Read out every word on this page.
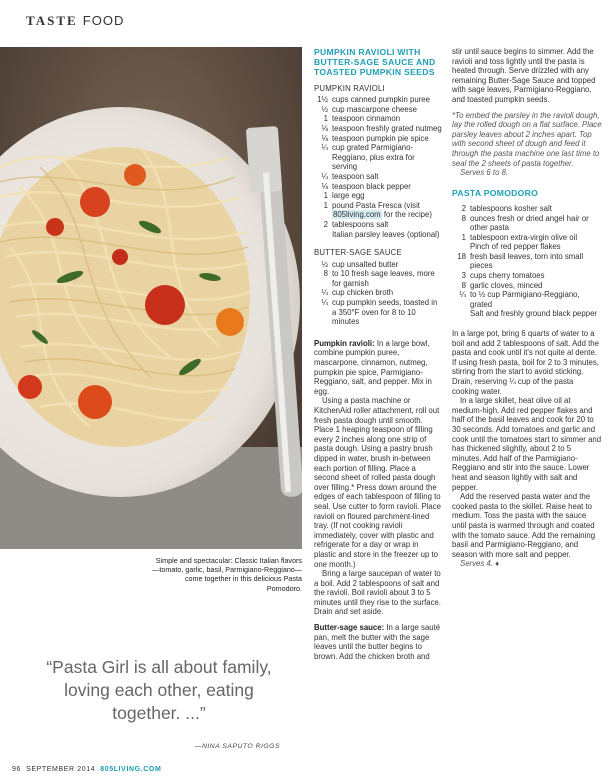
TASTE FOOD
Simple and spectacular: Classic Italian flavors—tomato, garlic, basil, Parmigiano-Reggiano—come together in this delicious Pasta Pomodoro.
“Pasta Girl is all about family, loving each other, eating together. ...”
—NINA SAPUTO RIGGS
96 SEPTEMBER 2014 805LIVING.COM
PUMPKIN RAVIOLI WITH BUTTER-SAGE SAUCE AND TOASTED PUMPKIN SEEDS
PUMPKIN RAVIOLI
1½ cups canned pumpkin puree
½ cup mascarpone cheese
1 teaspoon cinnamon
⅛ teaspoon freshly grated nutmeg
⅛ teaspoon pumpkin pie spice
¼ cup grated Parmigiano-Reggiano, plus extra for serving
¼ teaspoon salt
⅛ teaspoon black pepper
1 large egg
1 pound Pasta Fresca (visit 805living.com for the recipe)
2 tablespoons salt
Italian parsley leaves (optional)
BUTTER-SAGE SAUCE
½ cup unsalted butter
8 to 10 fresh sage leaves, more for garnish
¼ cup chicken broth
¼ cup pumpkin seeds, toasted in a 350°F oven for 8 to 10 minutes

Pumpkin ravioli: In a large bowl, combine pumpkin puree, mascarpone, cinnamon, nutmeg, pumpkin pie spice, Parmigiano-Reggiano, salt, and pepper. Mix in egg.

Using a pasta machine or KitchenAid roller attachment, roll out fresh pasta dough until smooth. Place 1 heaping teaspoon of filling every 2 inches along one strip of pasta dough. Using a pastry brush dipped in water, brush in-between each portion of filling. Place a second sheet of rolled pasta dough over filling.* Press down around the edges of each tablespoon of filling to seal. Use cutter to form ravioli. Place ravioli on floured parchment-lined tray. (If not cooking ravioli immediately, cover with plastic and refrigerate for a day or wrap in plastic and store in the freezer up to one month.)

Bring a large saucepan of water to a boil. Add 2 tablespoons of salt and the ravioli. Boil ravioli about 3 to 5 minutes until they rise to the surface. Drain and set aside.

Butter-sage sauce: In a large sauté pan, melt the butter with the sage leaves until the butter begins to brown. Add the chicken broth and

stir until sauce begins to simmer. Add the ravioli and toss lightly until the pasta is heated through. Serve drizzled with any remaining Butter-Sage Sauce and topped with sage leaves, Parmigiano-Reggiano, and toasted pumpkin seeds.

*To embed the parsley in the ravioli dough, lay the rolled dough on a flat surface. Place parsley leaves about 2 inches apart. Top with second sheet of dough and feed it through the pasta machine one last time to seal the 2 sheets of pasta together.

Serves 6 to 8.

PASTA POMODORO
2 tablespoons kosher salt
8 ounces fresh or dried angel hair or other pasta
1 tablespoon extra-virgin olive oil
Pinch of red pepper flakes
18 fresh basil leaves, torn into small pieces
3 cups cherry tomatoes
8 garlic cloves, minced
¼ to ½ cup Parmigiano-Reggiano, grated
Salt and freshly ground black pepper

In a large pot, bring 6 quarts of water to a boil and add 2 tablespoons of salt. Add the pasta and cook until it's not quite al dente. If using fresh pasta, boil for 2 to 3 minutes, stirring from the start to avoid sticking. Drain, reserving ¼ cup of the pasta cooking water.

In a large skillet, heat olive oil at medium-high. Add red pepper flakes and half of the basil leaves and cook for 20 to 30 seconds. Add tomatoes and garlic and cook until the tomatoes start to simmer and has thickened slightly, about 2 to 5 minutes. Add half of the Parmigiano-Reggiano and stir into the sauce. Lower heat and season lightly with salt and pepper.

Add the reserved pasta water and the cooked pasta to the skillet. Raise heat to medium. Toss the pasta with the sauce until pasta is warmed through and coated with the tomato sauce. Add the remaining basil and Parmigiano-Reggiano, and season with more salt and pepper.

Serves 4. ♦
